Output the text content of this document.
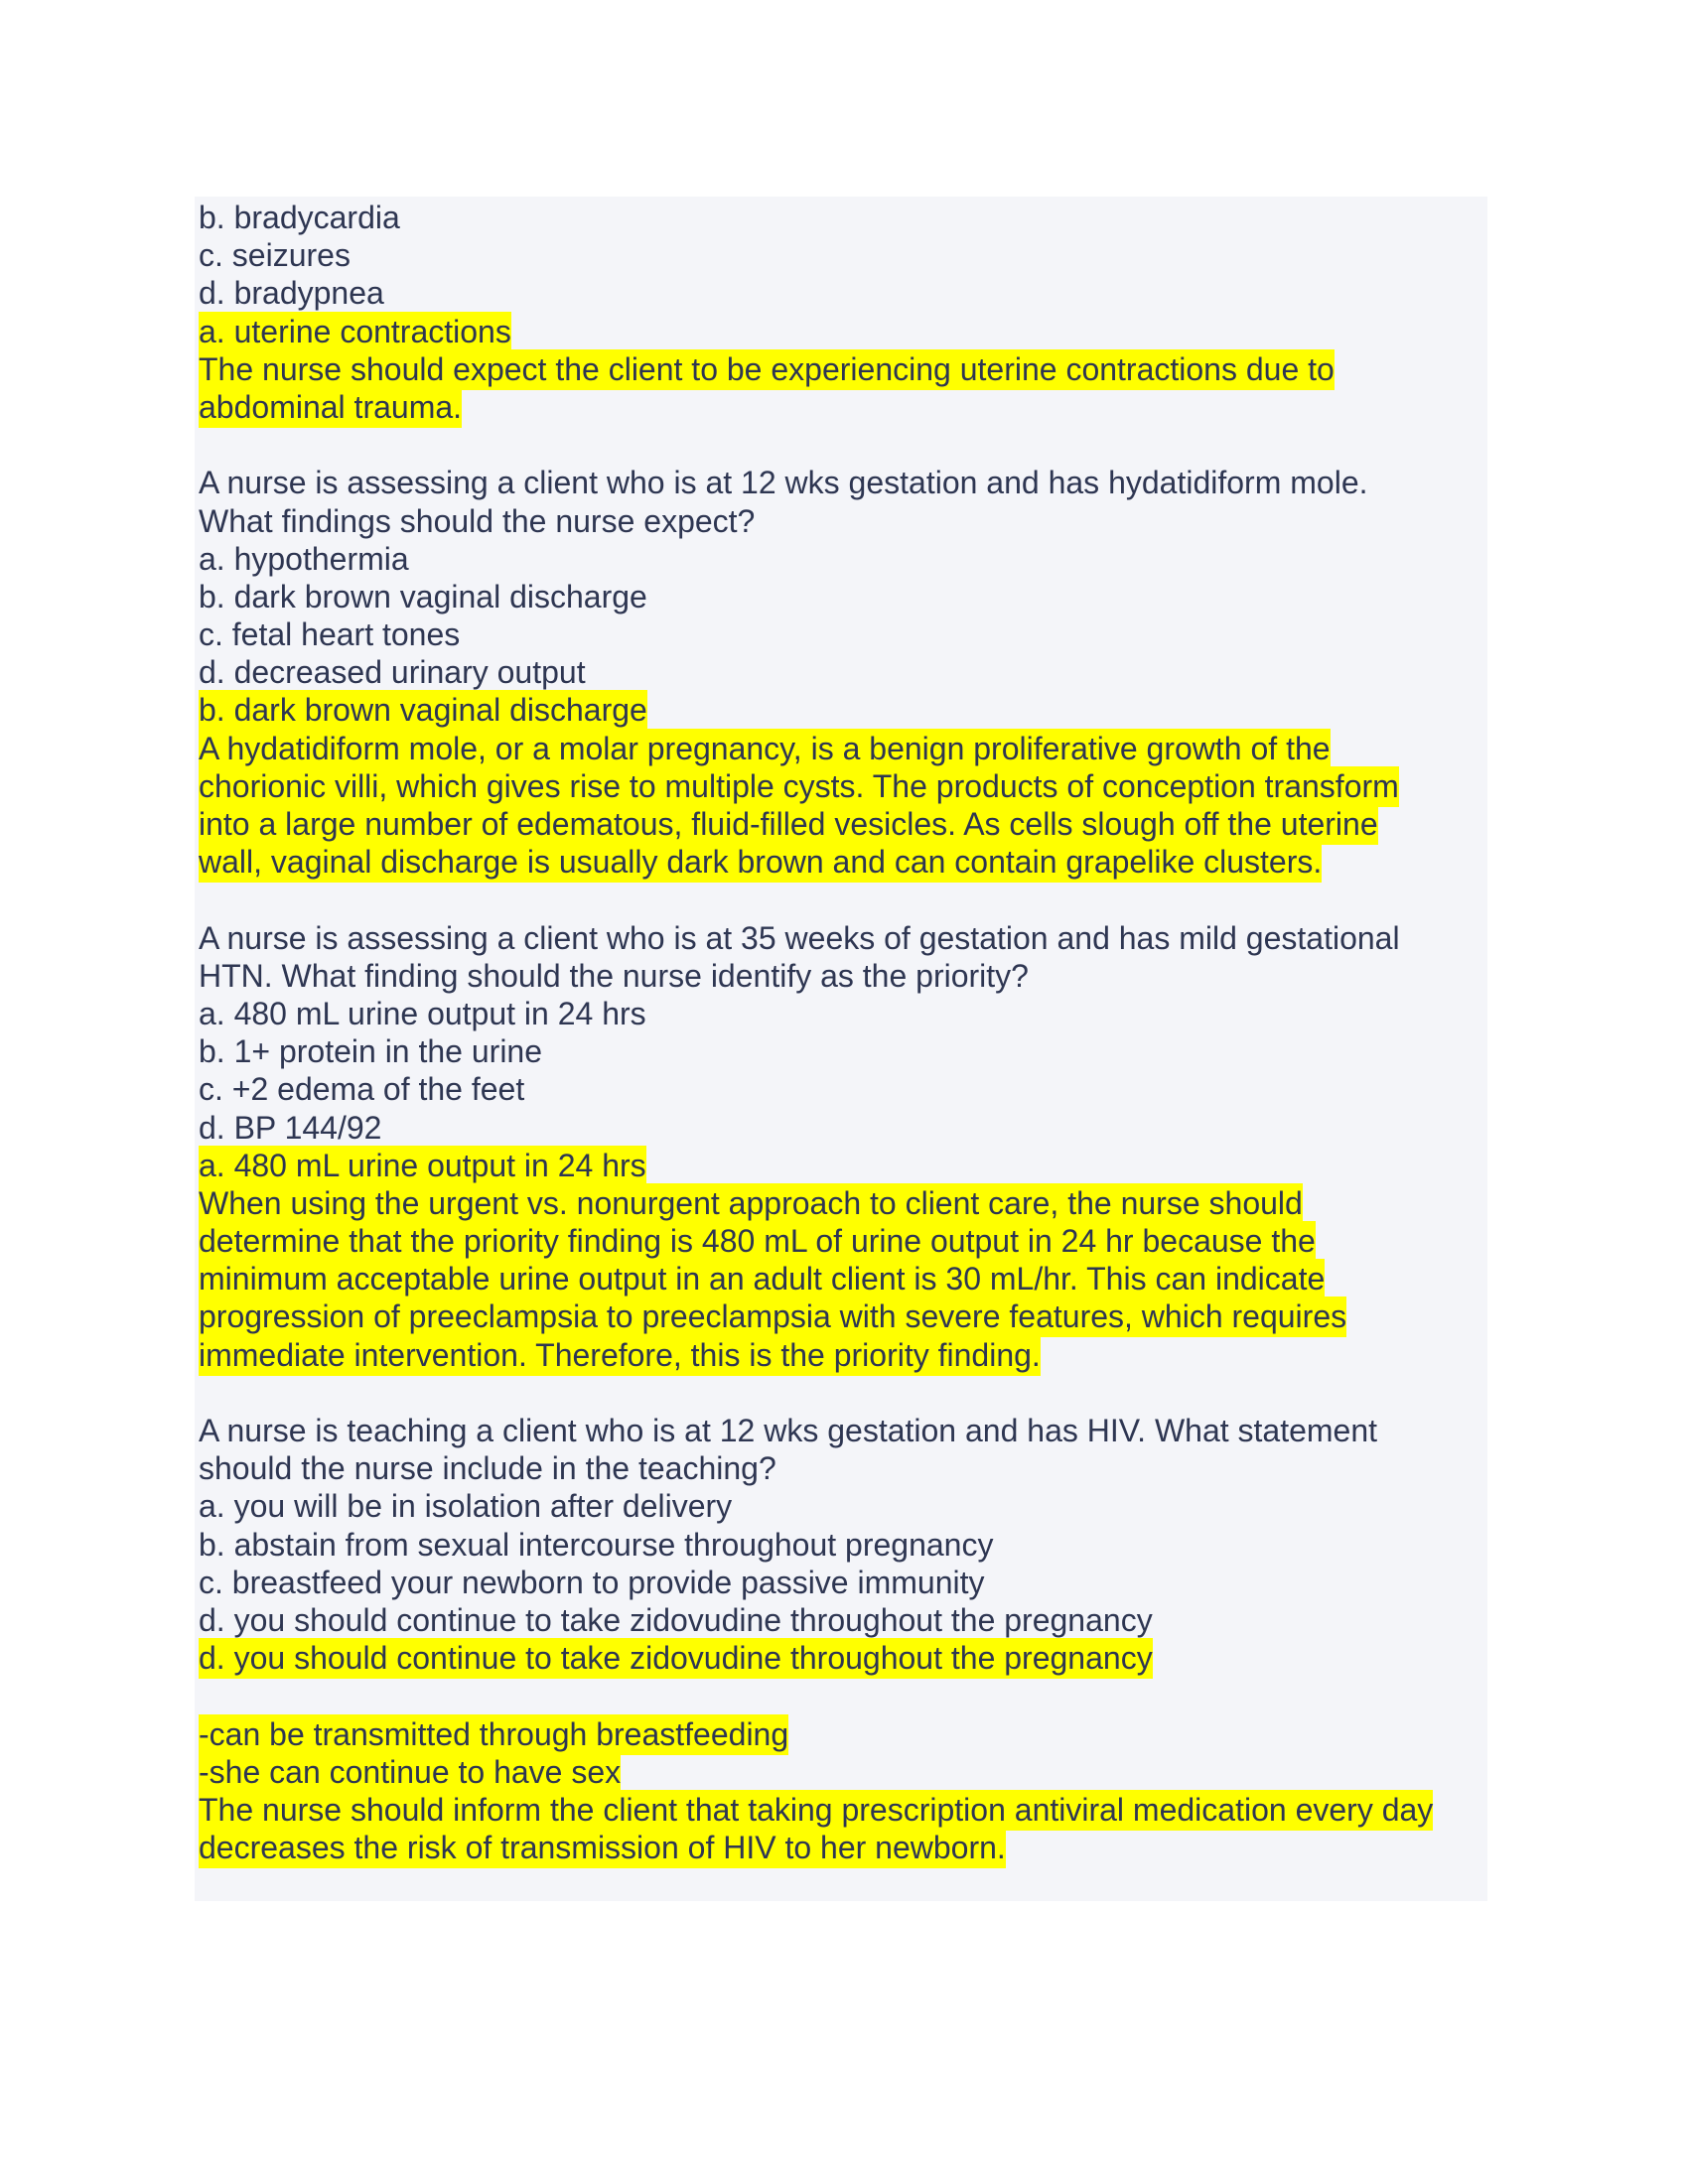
b. bradycardia
c. seizures
d. bradypnea
a. uterine contractions
The nurse should expect the client to be experiencing uterine contractions due to
abdominal trauma.
A nurse is assessing a client who is at 12 wks gestation and has hydatidiform mole.
What findings should the nurse expect?
a. hypothermia
b. dark brown vaginal discharge
c. fetal heart tones
d. decreased urinary output
b. dark brown vaginal discharge
A hydatidiform mole, or a molar pregnancy, is a benign proliferative growth of the
chorionic villi, which gives rise to multiple cysts. The products of conception transform
into a large number of edematous, fluid-filled vesicles. As cells slough off the uterine
wall, vaginal discharge is usually dark brown and can contain grapelike clusters.
A nurse is assessing a client who is at 35 weeks of gestation and has mild gestational
HTN. What finding should the nurse identify as the priority?
a. 480 mL urine output in 24 hrs
b. 1+ protein in the urine
c. +2 edema of the feet
d. BP 144/92
a. 480 mL urine output in 24 hrs
When using the urgent vs. nonurgent approach to client care, the nurse should
determine that the priority finding is 480 mL of urine output in 24 hr because the
minimum acceptable urine output in an adult client is 30 mL/hr. This can indicate
progression of preeclampsia to preeclampsia with severe features, which requires
immediate intervention. Therefore, this is the priority finding.
A nurse is teaching a client who is at 12 wks gestation and has HIV. What statement
should the nurse include in the teaching?
a. you will be in isolation after delivery
b. abstain from sexual intercourse throughout pregnancy
c. breastfeed your newborn to provide passive immunity
d. you should continue to take zidovudine throughout the pregnancy
d. you should continue to take zidovudine throughout the pregnancy
-can be transmitted through breastfeeding
-she can continue to have sex
The nurse should inform the client that taking prescription antiviral medication every day
decreases the risk of transmission of HIV to her newborn.
